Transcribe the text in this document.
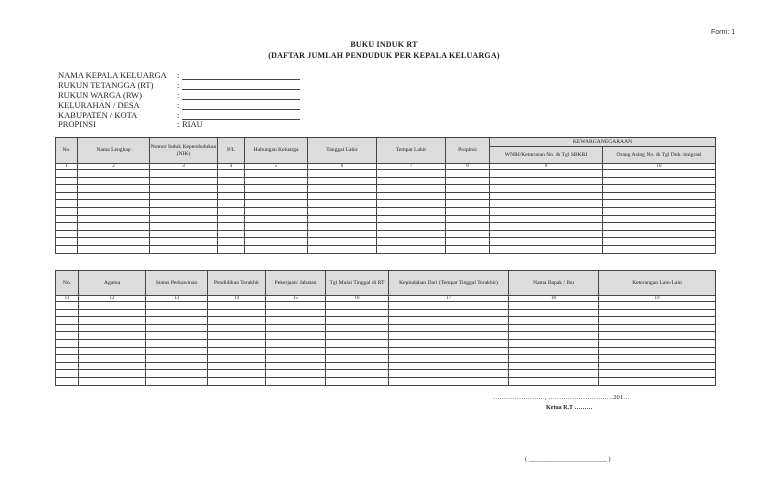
Form: 1
BUKU INDUK RT
(DAFTAR JUMLAH PENDUDUK PER KEPALA KELUARGA)
NAMA KEPALA KELUARGA :
RUKUN TETANGGA (RT)	:
RUKUN WARGA (RW)	:
KELURAHAN / DESA	:
KABUPATEN / KOTA	:
PROPINSI	: RIAU
No.	Nama Lengkap	Nomor Induk Kependudukan (NIK)	P/L	Hubungan Keluarga	Tanggal Lahir	Tempat Lahir	Propinsi	KEWARGANEGARAAN	
								WNRI/Keturunan No. & Tgl SBKRI	Orang Asing No. & Tgl Dok. imigrasi
1	2	3	4	5	6	7	8	9	10

No.	Agama	Status Perkawinan	Pendidikan Terakhir	Pekerjaan/ Jabatan	Tgl Mulai Tinggal di RT	Kepindahan Dari (Tempat Tinggal Terakhir)	Nama Bapak / Ibu	Keterangan Lain-Lain
11	12	13	14	15	16	17	18	19

……………………, …………………………201…
Ketua R.T ………
( ________________________ )
